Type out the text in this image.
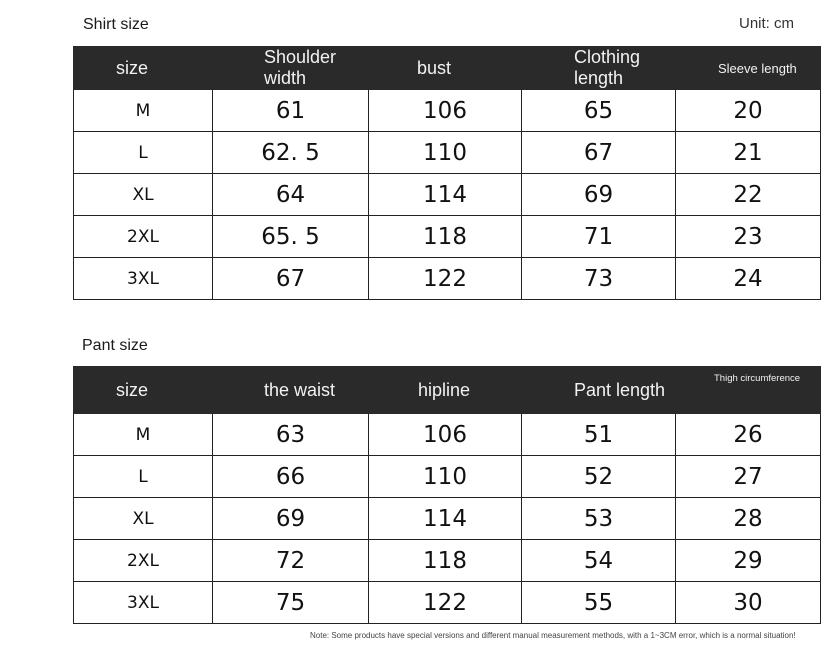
Shirt size	Unit: cm
size	Shoulder width	bust	Clothing length	Sleeve length
M	61	106	65	20
L	62. 5	110	67	21
XL	64	114	69	22
2XL	65. 5	118	71	23
3XL	67	122	73	24
Pant size
size	the waist	hipline	Pant length	Thigh circumference
M	63	106	51	26
L	66	110	52	27
XL	69	114	53	28
2XL	72	118	54	29
3XL	75	122	55	30
Note: Some products have special versions and different manual measurement methods, with a 1~3CM error, which is a normal situation!
